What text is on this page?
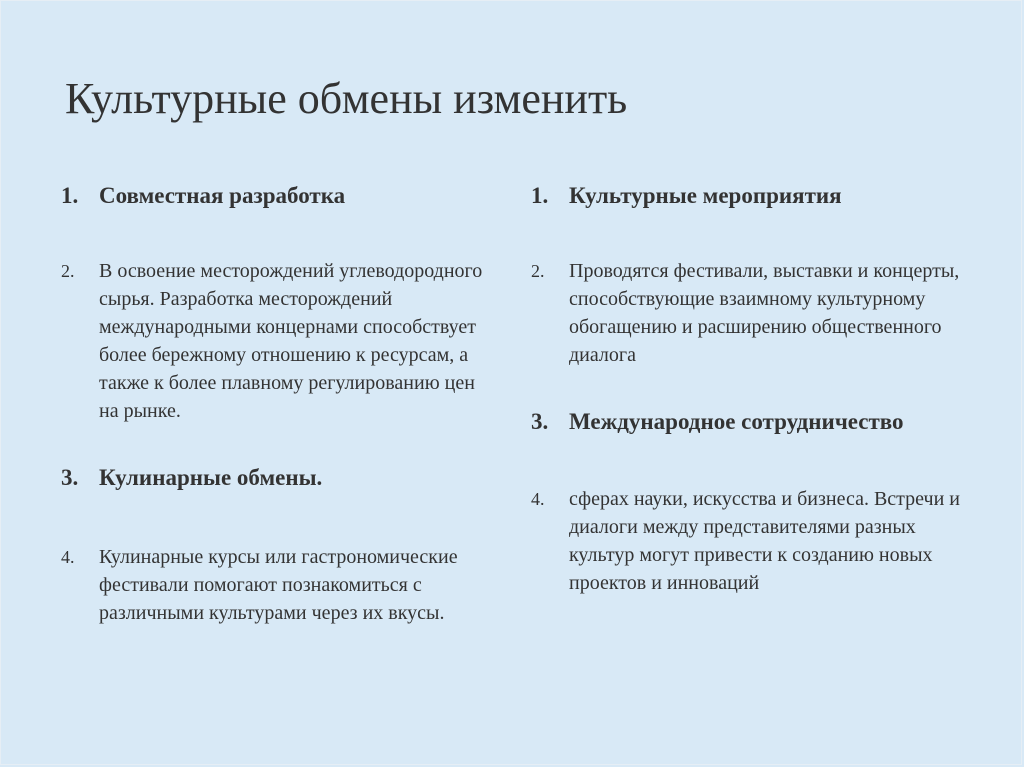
Культурные обмены изменить
1. Совместная разработка
2. В освоение месторождений углеводородного сырья. Разработка месторождений международными концернами способствует более бережному отношению к ресурсам, а также к более плавному регулированию цен на рынке.
3. Кулинарные обмены.
4. Кулинарные курсы или гастрономические фестивали помогают познакомиться с различными культурами через их вкусы.
1. Культурные мероприятия
2. Проводятся фестивали, выставки и концерты, способствующие взаимному культурному обогащению и расширению общественного диалога
3. Международное сотрудничество
4. сферах науки, искусства и бизнеса. Встречи и диалоги между представителями разных культур могут привести к созданию новых проектов и инноваций
